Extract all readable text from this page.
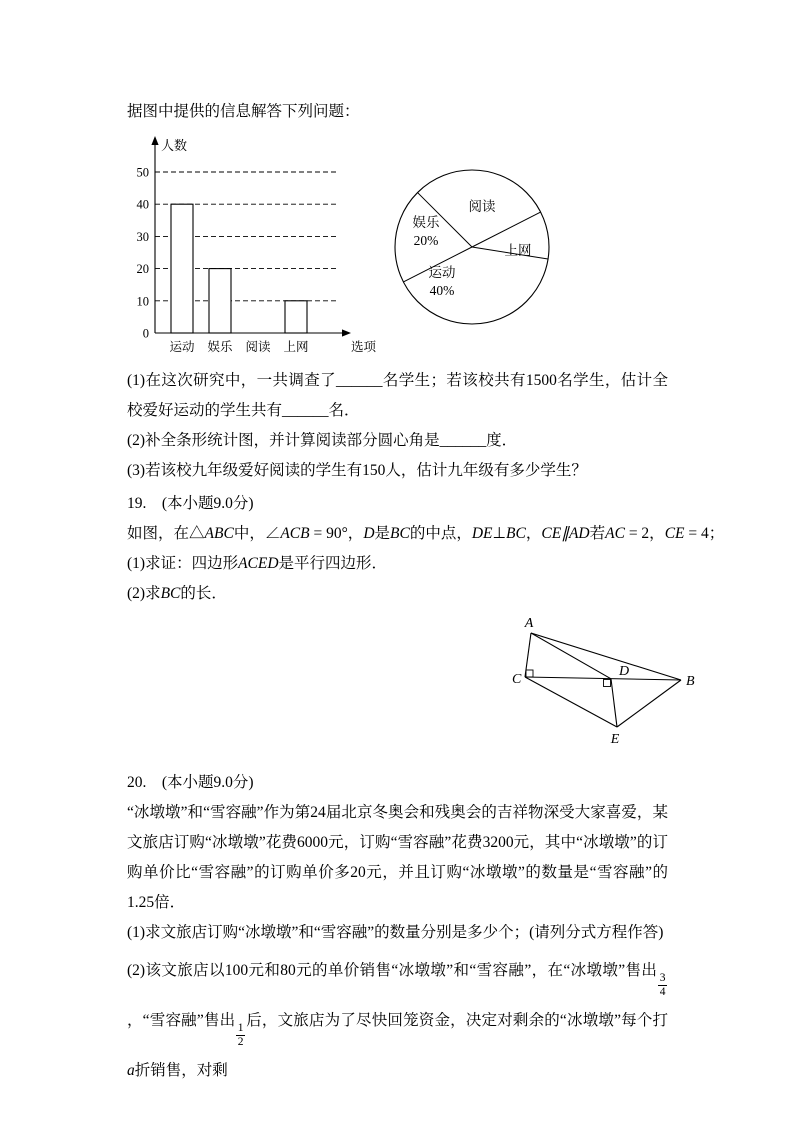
据图中提供的信息解答下列问题：

0
10
20
30
40
50
运动 娱乐 阅读 上网
人数
选项
阅读
上网
运动
40%
娱乐
20%

(1)在这次研究中，一共调查了______名学生；若该校共有1500名学生，估计全校爱好运动的学生共有______名．

(2)补全条形统计图，并计算阅读部分圆心角是______度．

(3)若该校九年级爱好阅读的学生有150人，估计九年级有多少学生？

19.　(本小题9.0分)

如图，在△ABC中，∠ACB = 90°，D是BC的中点，DE⊥BC，CE∥AD若AC = 2，CE = 4；

(1)求证：四边形ACED是平行四边形．

(2)求BC的长．

A
B
C
D
E

20.　(本小题9.0分)

“冰墩墩”和“雪容融”作为第24届北京冬奥会和残奥会的吉祥物深受大家喜爱，某文旅店订购“冰墩墩”花费6000元，订购“雪容融”花费3200元，其中“冰墩墩”的订购单价比“雪容融”的订购单价多20元，并且订购“冰墩墩”的数量是“雪容融”的1.25倍．

(1)求文旅店订购“冰墩墩”和“雪容融”的数量分别是多少个；(请列分式方程作答)

(2)该文旅店以100元和80元的单价销售“冰墩墩”和“雪容融”，在“冰墩墩”售出
$\frac{3}{4}$
，“雪容融”售出
$\frac{1}{2}$
后，文旅店为了尽快回笼资金，决定对剩余的“冰墩墩”每个打a折销售，对剩
